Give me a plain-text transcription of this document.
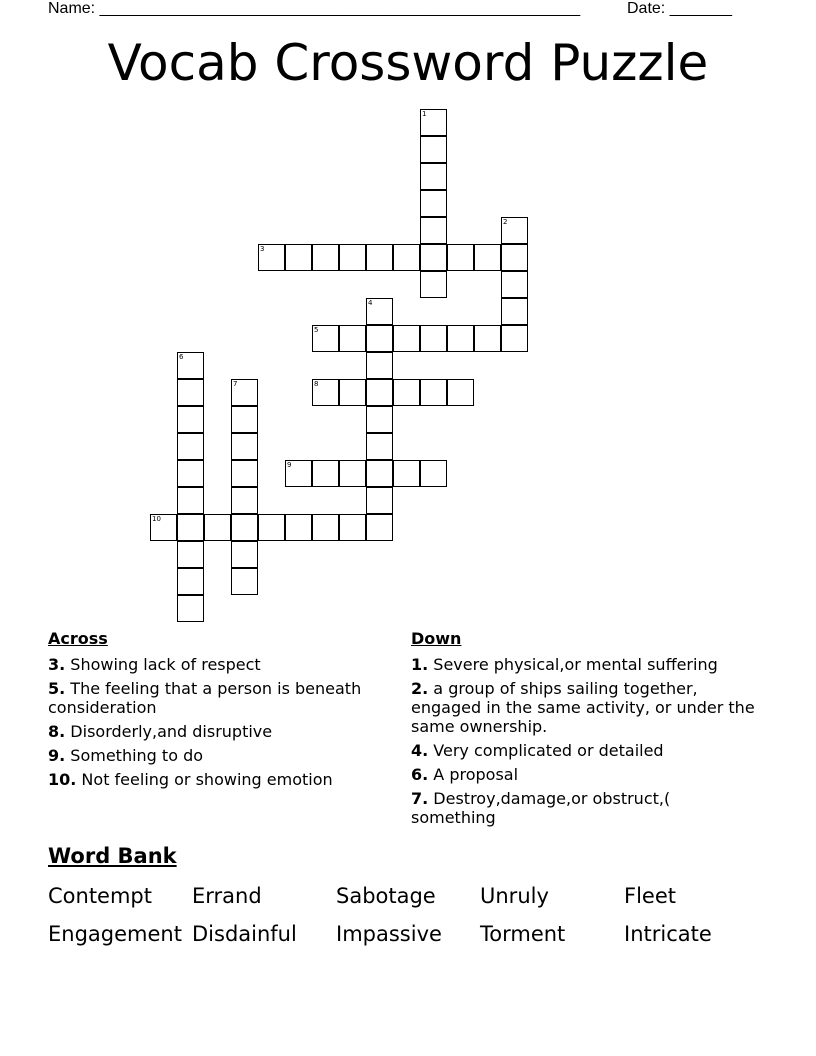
Name: ______________________________________________________	Date: _______
Vocab Crossword Puzzle
1
2
3
4
5
6
7	8
9
10
Across
3. Showing lack of respect
5. The feeling that a person is beneath consideration
8. Disorderly,and disruptive
9. Something to do
10. Not feeling or showing emotion
Down
1. Severe physical,or mental suffering
2. a group of ships sailing together, engaged in the same activity, or under the same ownership.
4. Very complicated or detailed
6. A proposal
7. Destroy,damage,or obstruct,( something
Word Bank
Contempt Errand	Sabotage Unruly	Fleet
Engagement Disdainful Impassive Torment	Intricate
